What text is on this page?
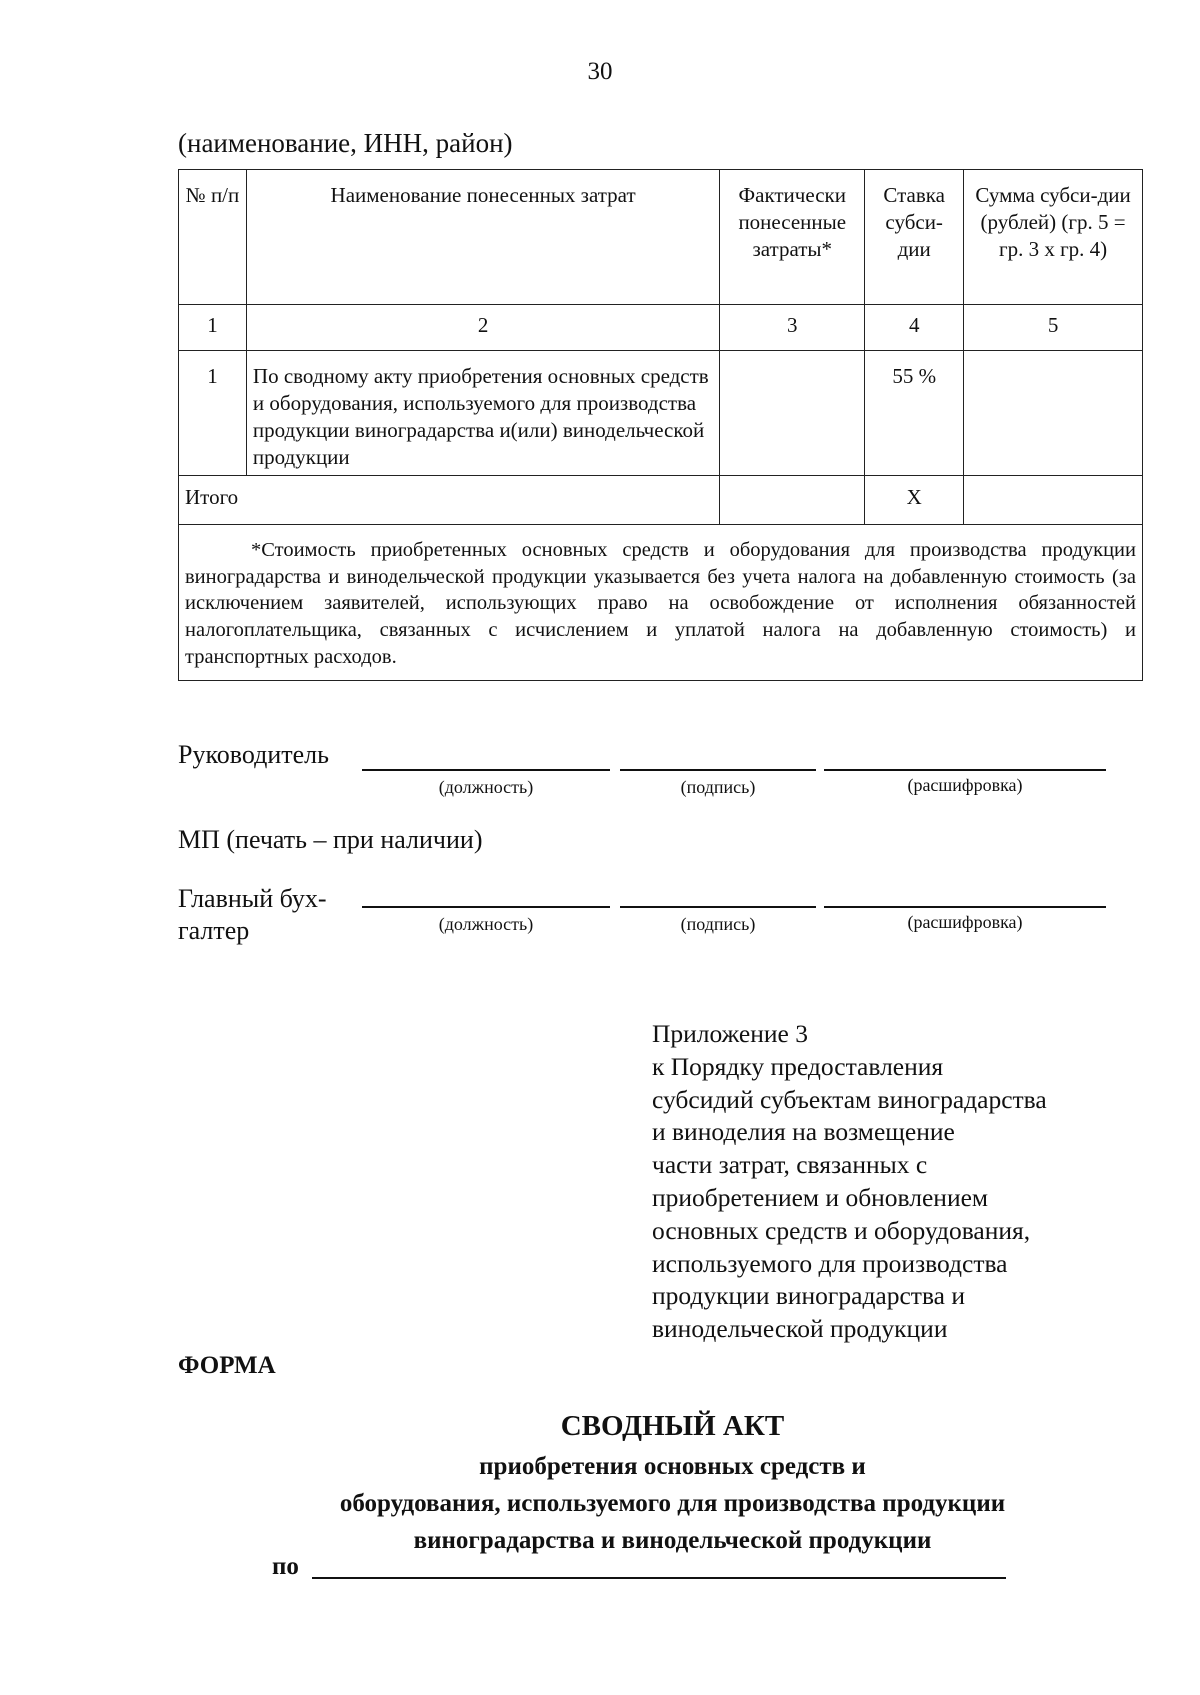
30
(наименование, ИНН, район)
№ п/п	Наименование понесенных затрат	Фактически понесенные затраты*	Ставка субси-дии	Сумма субси-дии (рублей) (гр. 5 = гр. 3 х гр. 4)
1	2	3	4	5
1	По сводному акту приобретения основных средств и оборудования, используемого для производства продукции виноградарства и(или) винодельческой продукции		55 %	
Итого			Х	
*Стоимость приобретенных основных средств и оборудования для производства продукции виноградарства и винодельческой продукции указывается без учета налога на добавленную стоимость (за исключением заявителей, использующих право на освобождение от исполнения обязанностей налогоплательщика, связанных с исчислением и уплатой налога на добавленную стоимость) и транспортных расходов.				
Руководитель
(должность)	(подпись)	(расшифровка)
МП (печать – при наличии)
Главный бух-
галтер	(должность)	(подпись)	(расшифровка)
Приложение 3
к Порядку предоставления
субсидий субъектам виноградарства
и виноделия на возмещение
части затрат, связанных с
приобретением и обновлением
основных средств и оборудования,
используемого для производства
продукции виноградарства и
винодельческой продукции
ФОРМА
СВОДНЫЙ АКТ
приобретения основных средств и
оборудования, используемого для производства продукции
виноградарства и винодельческой продукции
по
